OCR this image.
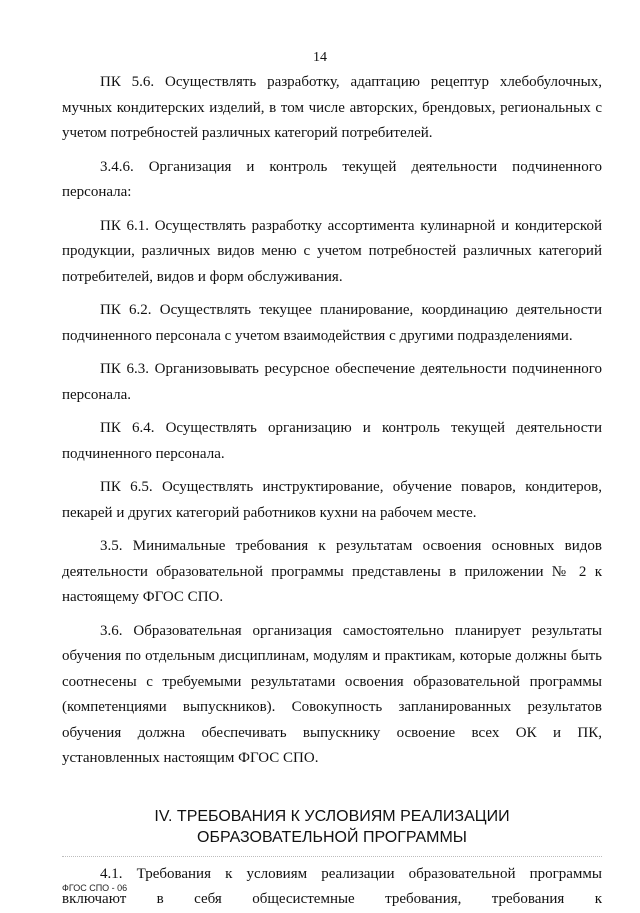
14

ПК 5.6. Осуществлять разработку, адаптацию рецептур хлебобулочных, мучных кондитерских изделий, в том числе авторских, брендовых, региональных с учетом потребностей различных категорий потребителей.

3.4.6. Организация и контроль текущей деятельности подчиненного персонала:

ПК 6.1. Осуществлять разработку ассортимента кулинарной и кондитерской продукции, различных видов меню с учетом потребностей различных категорий потребителей, видов и форм обслуживания.

ПК 6.2. Осуществлять текущее планирование, координацию деятельности подчиненного персонала с учетом взаимодействия с другими подразделениями.

ПК 6.3. Организовывать ресурсное обеспечение деятельности подчиненного персонала.

ПК 6.4. Осуществлять организацию и контроль текущей деятельности подчиненного персонала.

ПК 6.5. Осуществлять инструктирование, обучение поваров, кондитеров, пекарей и других категорий работников кухни на рабочем месте.

3.5. Минимальные требования к результатам освоения основных видов деятельности образовательной программы представлены в приложении № 2 к настоящему ФГОС СПО.

3.6. Образовательная организация самостоятельно планирует результаты обучения по отдельным дисциплинам, модулям и практикам, которые должны быть соотнесены с требуемыми результатами освоения образовательной программы (компетенциями выпускников). Совокупность запланированных результатов обучения должна обеспечивать выпускнику освоение всех ОК и ПК, установленных настоящим ФГОС СПО.

IV. ТРЕБОВАНИЯ К УСЛОВИЯМ РЕАЛИЗАЦИИ ОБРАЗОВАТЕЛЬНОЙ ПРОГРАММЫ

4.1. Требования к условиям реализации образовательной программы включают в себя общесистемные требования, требования к

ФГОС СПО - 06
